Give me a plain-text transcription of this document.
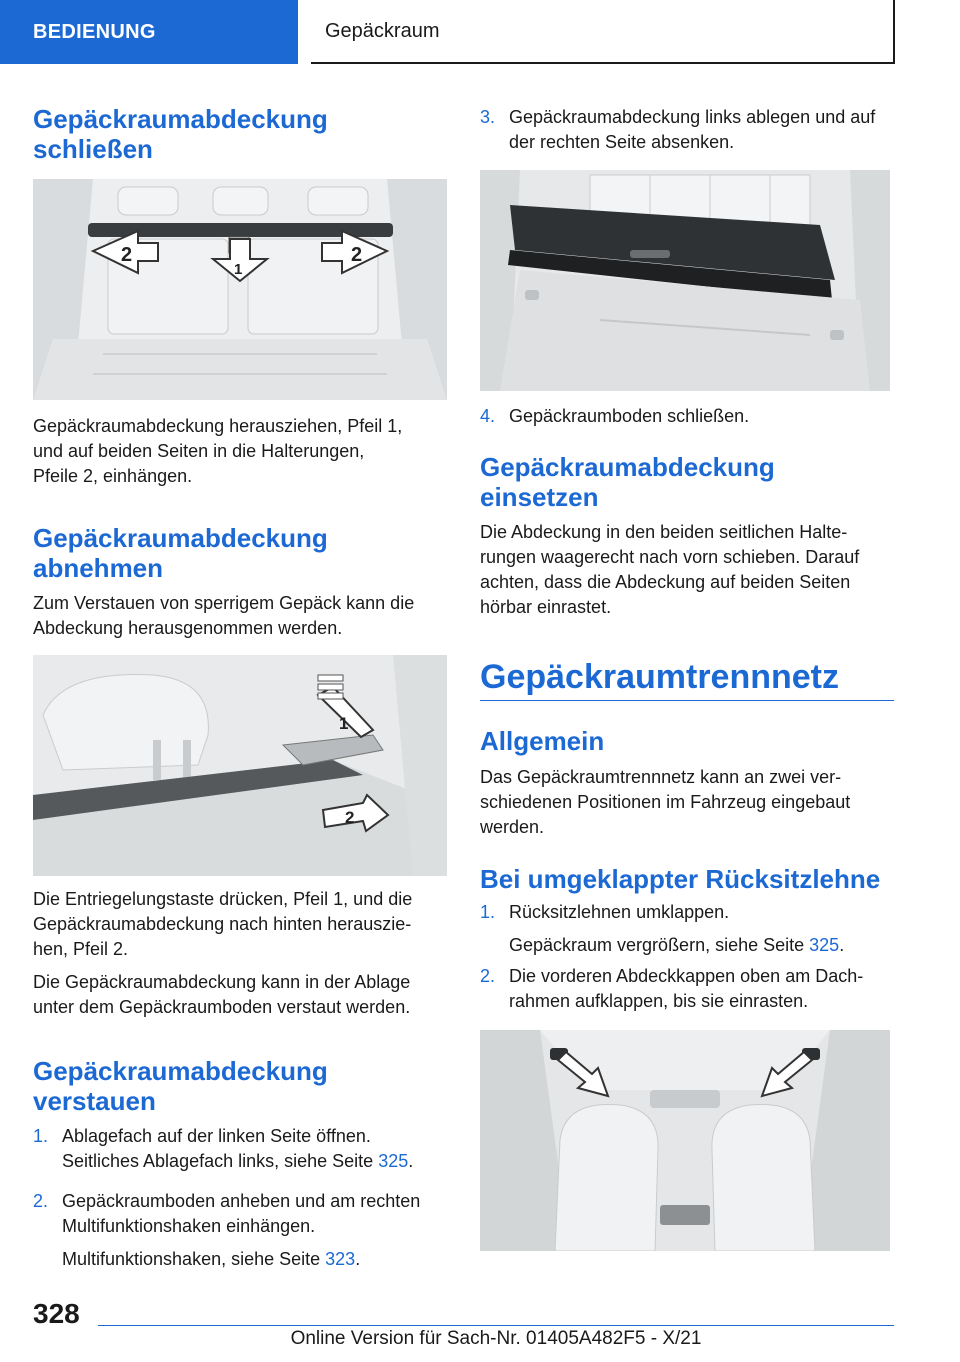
BEDIENUNG	Gepäckraum
Gepäckraumabdeckung
schließen
2	2
1

Gepäckraumabdeckung herausziehen, Pfeil 1,
und auf beiden Seiten in die Halterungen,
Pfeile 2, einhängen.

Gepäckraumabdeckung
abnehmen

Zum Verstauen von sperrigem Gepäck kann die
Abdeckung herausgenommen werden.

1
2

Die Entriegelungstaste drücken, Pfeil 1, und die
Gepäckraumabdeckung nach hinten herauszie‐
hen, Pfeil 2.

Die Gepäckraumabdeckung kann in der Ablage
unter dem Gepäckraumboden verstaut werden.

Gepäckraumabdeckung
verstauen
1. Ablagefach auf der linken Seite öffnen.
Seitliches Ablagefach links, siehe Seite 325.
2. Gepäckraumboden anheben und am rechten
Multifunktionshaken einhängen.
Multifunktionshaken, siehe Seite 323.
3. Gepäckraumabdeckung links ablegen und auf
der rechten Seite absenken.
4. Gepäckraumboden schließen.
Gepäckraumabdeckung
einsetzen

Die Abdeckung in den beiden seitlichen Halte‐
rungen waagerecht nach vorn schieben. Darauf
achten, dass die Abdeckung auf beiden Seiten
hörbar einrastet.

Gepäckraumtrennnetz
Allgemein

Das Gepäckraumtrennnetz kann an zwei ver‐
schiedenen Positionen im Fahrzeug eingebaut
werden.

Bei umgeklappter Rücksitzlehne
1. Rücksitzlehnen umklappen.
Gepäckraum vergrößern, siehe Seite 325.
2. Die vorderen Abdeckkappen oben am Dach‐
rahmen aufklappen, bis sie einrasten.
328
Online Version für Sach-Nr. 01405A482F5 - X/21
